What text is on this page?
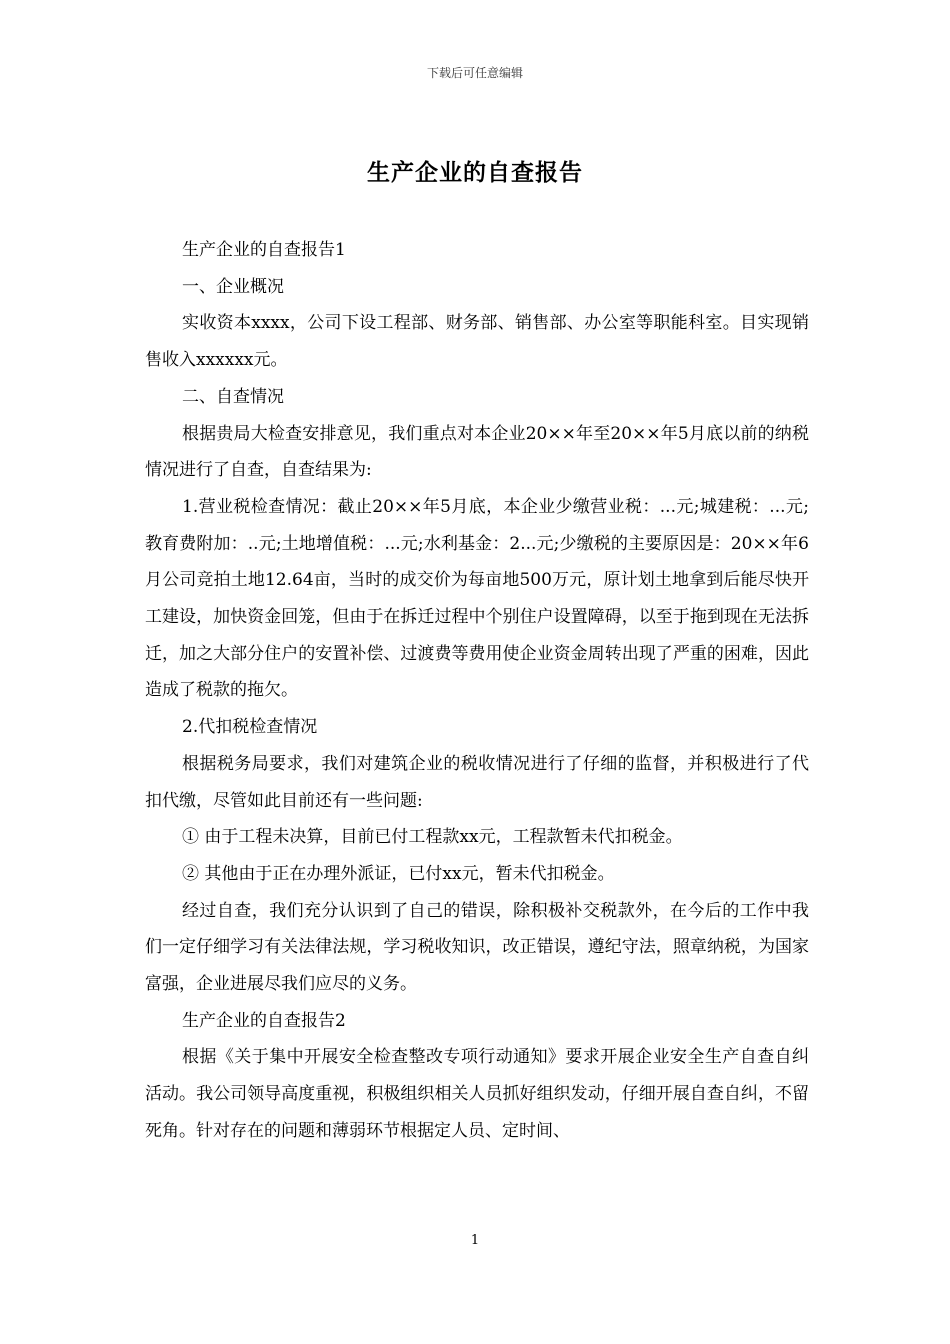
下载后可任意编辑
生产企业的自查报告

生产企业的自查报告1

一、企业概况

实收资本xxxx，公司下设工程部、财务部、销售部、办公室等职能科室。目实现销售收入xxxxxx元。

二、自查情况

根据贵局大检查安排意见，我们重点对本企业20××年至20××年5月底以前的纳税情况进行了自查，自查结果为:

1.营业税检查情况：截止20××年5月底，本企业少缴营业税：...元;城建税：...元;教育费附加：..元;土地增值税：...元;水利基金：2...元;少缴税的主要原因是：20××年6月公司竞拍土地12.64亩，当时的成交价为每亩地500万元，原计划土地拿到后能尽快开工建设，加快资金回笼，但由于在拆迁过程中个别住户设置障碍，以至于拖到现在无法拆迁，加之大部分住户的安置补偿、过渡费等费用使企业资金周转出现了严重的困难，因此造成了税款的拖欠。

2.代扣税检查情况

根据税务局要求，我们对建筑企业的税收情况进行了仔细的监督，并积极进行了代扣代缴，尽管如此目前还有一些问题:

① 由于工程未决算，目前已付工程款xx元，工程款暂未代扣税金。

② 其他由于正在办理外派证，已付xx元，暂未代扣税金。

经过自查，我们充分认识到了自己的错误，除积极补交税款外，在今后的工作中我们一定仔细学习有关法律法规，学习税收知识，改正错误，遵纪守法，照章纳税，为国家富强，企业进展尽我们应尽的义务。

生产企业的自查报告2

根据《关于集中开展安全检查整改专项行动通知》要求开展企业安全生产自查自纠活动。我公司领导高度重视，积极组织相关人员抓好组织发动，仔细开展自查自纠，不留死角。针对存在的问题和薄弱环节根据定人员、定时间、

1
